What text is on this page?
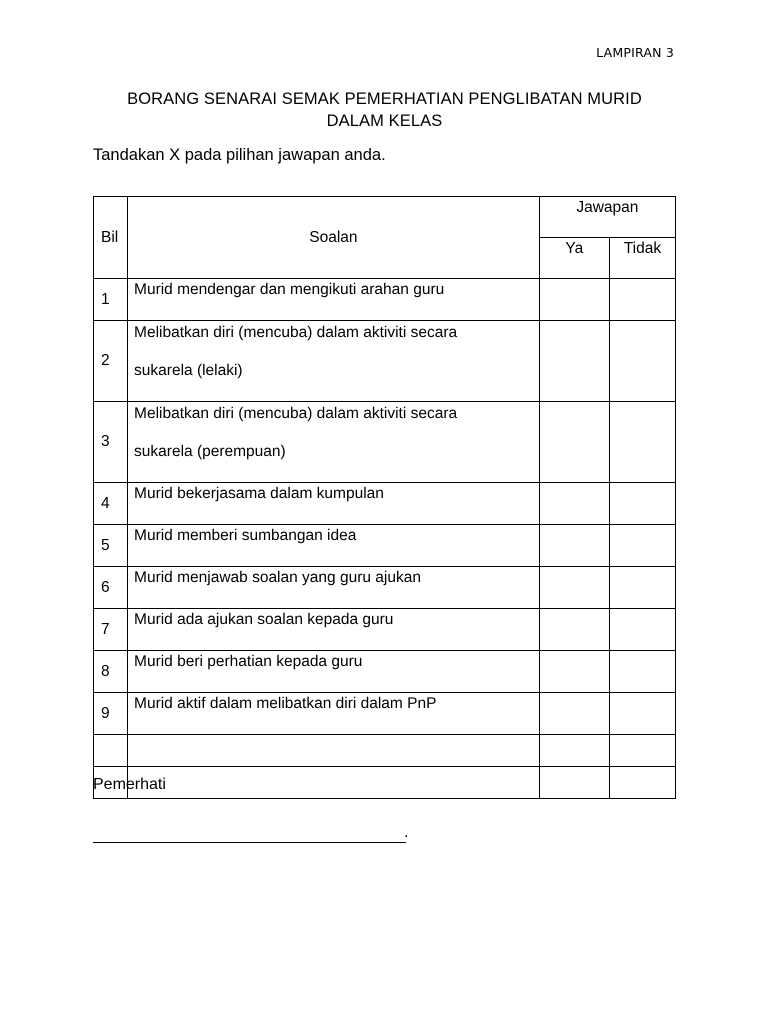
LAMPIRAN 3
BORANG SENARAI SEMAK PEMERHATIAN PENGLIBATAN MURID
DALAM KELAS
Tandakan X pada pilihan jawapan anda.
Bil	Soalan	Jawapan	
		Ya	Tidak
1	Murid mendengar dan mengikuti arahan guru		
2	Melibatkan diri (mencuba) dalam aktiviti secara
sukarela (lelaki)		

3	Melibatkan diri (mencuba) dalam aktiviti secara
sukarela (perempuan)		

4	Murid bekerjasama dalam kumpulan		
5	Murid memberi sumbangan idea		
6	Murid menjawab soalan yang guru ajukan		
7	Murid ada ajukan soalan kepada guru		
8	Murid beri perhatian kepada guru		
9	Murid aktif dalam melibatkan diri dalam PnP		

Pemerhati
.
